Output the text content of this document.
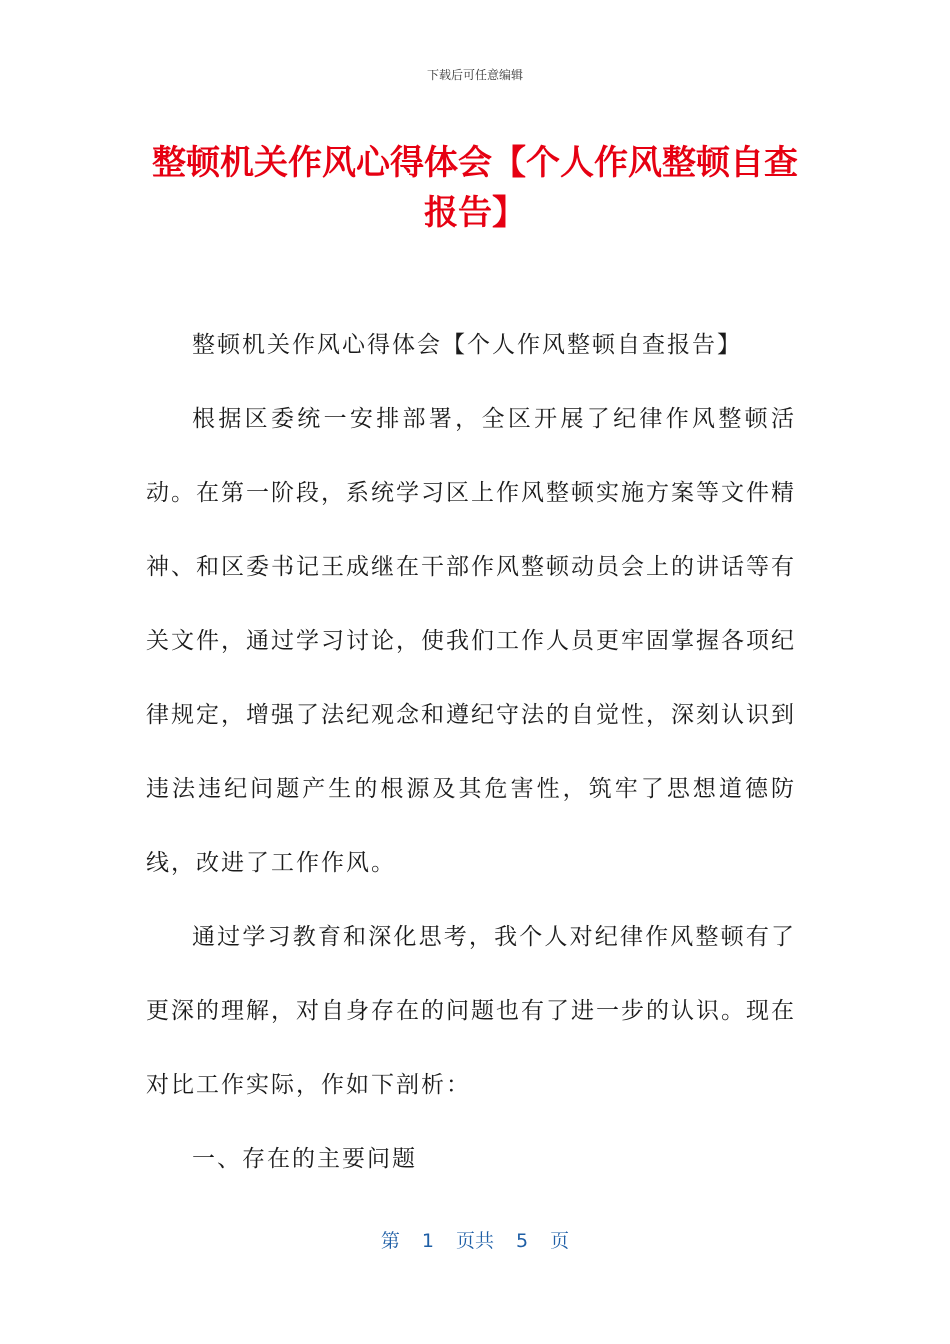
下载后可任意编辑
整顿机关作风心得体会【个人作风整顿自查报告】

整顿机关作风心得体会【个人作风整顿自查报告】

根据区委统一安排部署，全区开展了纪律作风整顿活动。在第一阶段，系统学习区上作风整顿实施方案等文件精神、和区委书记王成继在干部作风整顿动员会上的讲话等有关文件，通过学习讨论，使我们工作人员更牢固掌握各项纪律规定，增强了法纪观念和遵纪守法的自觉性，深刻认识到违法违纪问题产生的根源及其危害性，筑牢了思想道德防线，改进了工作作风。

通过学习教育和深化思考，我个人对纪律作风整顿有了更深的理解，对自身存在的问题也有了进一步的认识。现在对比工作实际，作如下剖析：

一、存在的主要问题

第 1 页共 5 页
